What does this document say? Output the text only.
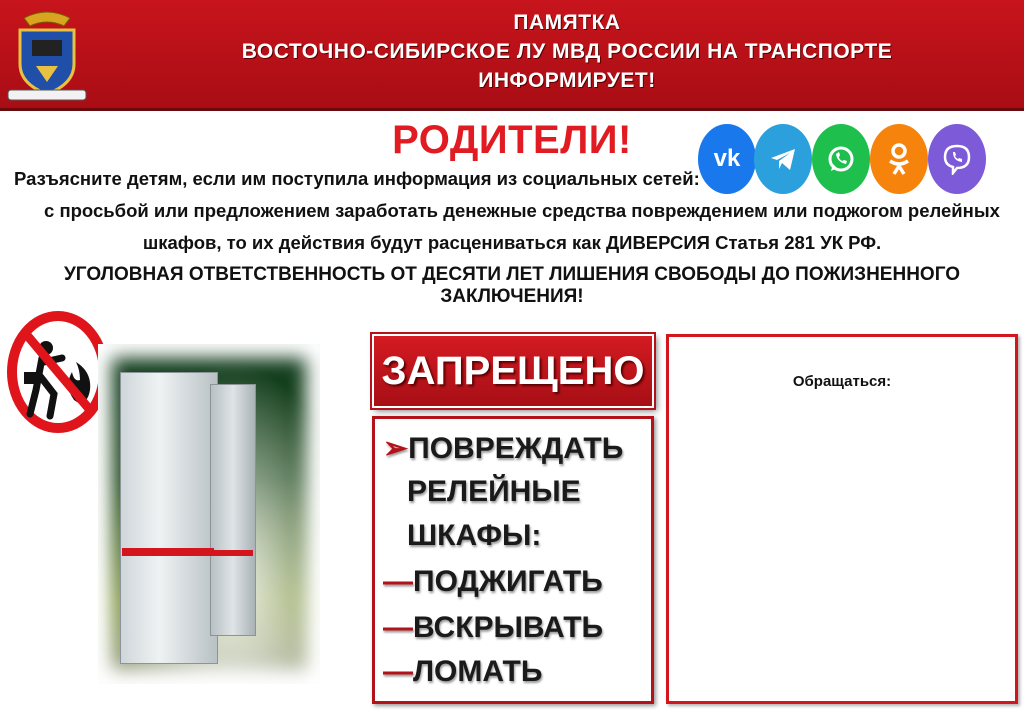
ПАМЯТКА
ВОСТОЧНО-СИБИРСКОЕ ЛУ МВД РОССИИ НА ТРАНСПОРТЕ
ИНФОРМИРУЕТ!
РОДИТЕЛИ!	vk
Разъясните детям, если им поступила информация из социальных сетей:
с просьбой или предложением заработать денежные средства повреждением или поджогом релейных
шкафов, то их действия будут расцениваться как ДИВЕРСИЯ Статья 281 УК РФ.
УГОЛОВНАЯ ОТВЕТСТВЕННОСТЬ ОТ ДЕСЯТИ ЛЕТ ЛИШЕНИЯ СВОБОДЫ ДО ПОЖИЗНЕННОГО ЗАКЛЮЧЕНИЯ!
ЗАПРЕЩЕНО
➢ПОВРЕЖДАТЬ
РЕЛЕЙНЫЕ
ШКАФЫ:
—ПОДЖИГАТЬ
—ВСКРЫВАТЬ
—ЛОМАТЬ
Обращаться:
